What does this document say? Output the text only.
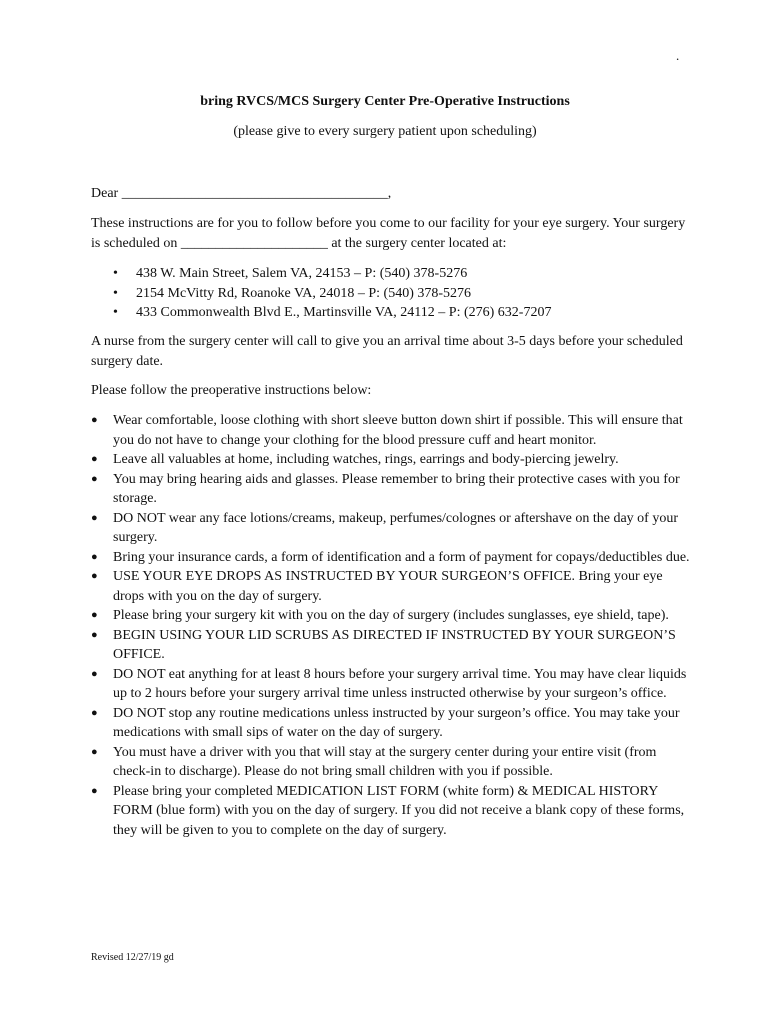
.
bring RVCS/MCS Surgery Center Pre-Operative Instructions
(please give to every surgery patient upon scheduling)
Dear ______________________________________,
These instructions are for you to follow before you come to our facility for your eye surgery. Your surgery is scheduled on _____________________ at the surgery center located at:
• 438 W. Main Street, Salem VA, 24153 – P: (540) 378-5276
• 2154 McVitty Rd, Roanoke VA, 24018 – P: (540) 378-5276
• 433 Commonwealth Blvd E., Martinsville VA, 24112 – P: (276) 632-7207
A nurse from the surgery center will call to give you an arrival time about 3-5 days before your scheduled surgery date.
Please follow the preoperative instructions below:
● Wear comfortable, loose clothing with short sleeve button down shirt if possible. This will ensure that you do not have to change your clothing for the blood pressure cuff and heart monitor.
● Leave all valuables at home, including watches, rings, earrings and body-piercing jewelry.
● You may bring hearing aids and glasses. Please remember to bring their protective cases with you for storage.
● DO NOT wear any face lotions/creams, makeup, perfumes/colognes or aftershave on the day of your surgery.
● Bring your insurance cards, a form of identification and a form of payment for copays/deductibles due.
● USE YOUR EYE DROPS AS INSTRUCTED BY YOUR SURGEON’S OFFICE. Bring your eye drops with you on the day of surgery.
● Please bring your surgery kit with you on the day of surgery (includes sunglasses, eye shield, tape).
● BEGIN USING YOUR LID SCRUBS AS DIRECTED IF INSTRUCTED BY YOUR SURGEON’S OFFICE.
● DO NOT eat anything for at least 8 hours before your surgery arrival time. You may have clear liquids up to 2 hours before your surgery arrival time unless instructed otherwise by your surgeon’s office.
● DO NOT stop any routine medications unless instructed by your surgeon’s office. You may take your medications with small sips of water on the day of surgery.
● You must have a driver with you that will stay at the surgery center during your entire visit (from check-in to discharge). Please do not bring small children with you if possible.
● Please bring your completed MEDICATION LIST FORM (white form) & MEDICAL HISTORY FORM (blue form) with you on the day of surgery. If you did not receive a blank copy of these forms, they will be given to you to complete on the day of surgery.
Revised 12/27/19 gd
